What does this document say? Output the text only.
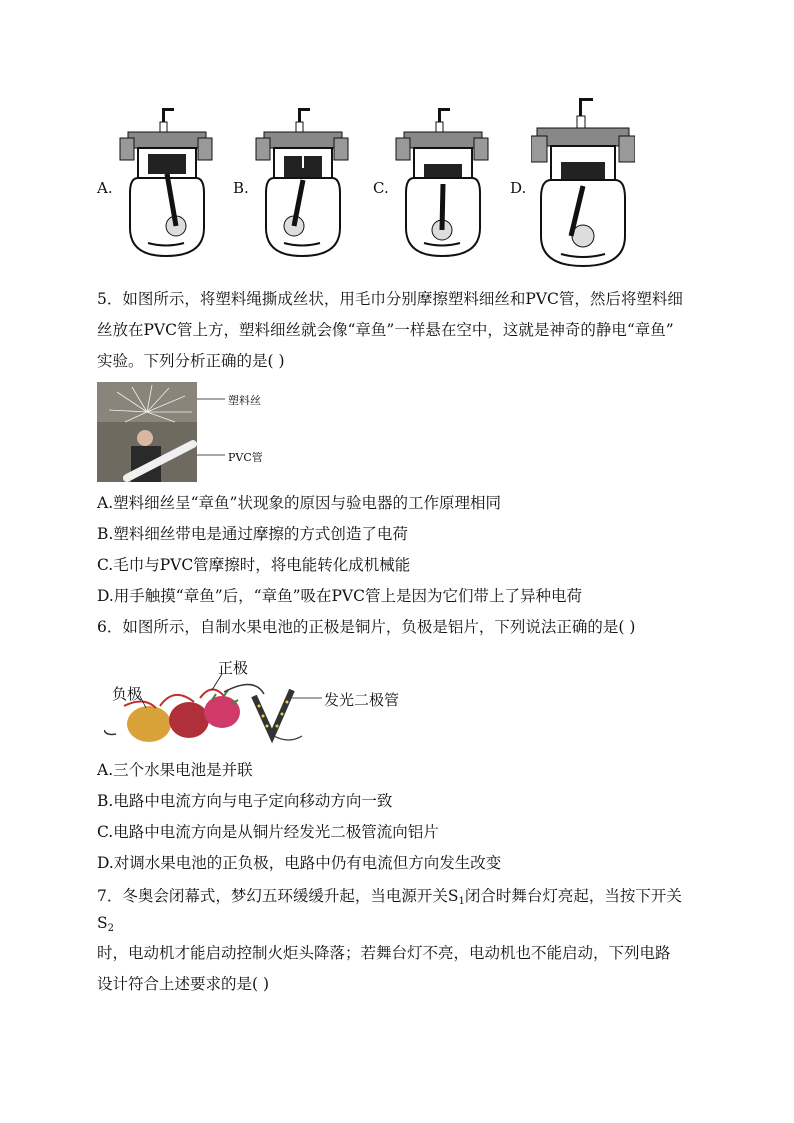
A.	B.	C.	D.
5．如图所示，将塑料绳撕成丝状，用毛巾分别摩擦塑料细丝和PVC管，然后将塑料细
丝放在PVC管上方，塑料细丝就会像“章鱼”一样悬在空中，这就是神奇的静电“章鱼”
实验。下列分析正确的是( )
塑料丝
PVC管
A.塑料细丝呈“章鱼”状现象的原因与验电器的工作原理相同
B.塑料细丝带电是通过摩擦的方式创造了电荷
C.毛巾与PVC管摩擦时，将电能转化成机械能
D.用手触摸“章鱼”后，“章鱼”吸在PVC管上是因为它们带上了异种电荷
6．如图所示，自制水果电池的正极是铜片，负极是铝片，下列说法正确的是( )
正极
负极	发光二极管
A.三个水果电池是并联
B.电路中电流方向与电子定向移动方向一致
C.电路中电流方向是从铜片经发光二极管流向铝片
D.对调水果电池的正负极，电路中仍有电流但方向发生改变
7．冬奥会闭幕式，梦幻五环缓缓升起，当电源开关$S_1$闭合时舞台灯亮起，当按下开关
$S_2$
时，电动机才能启动控制火炬头降落；若舞台灯不亮，电动机也不能启动，下列电路
设计符合上述要求的是( )
